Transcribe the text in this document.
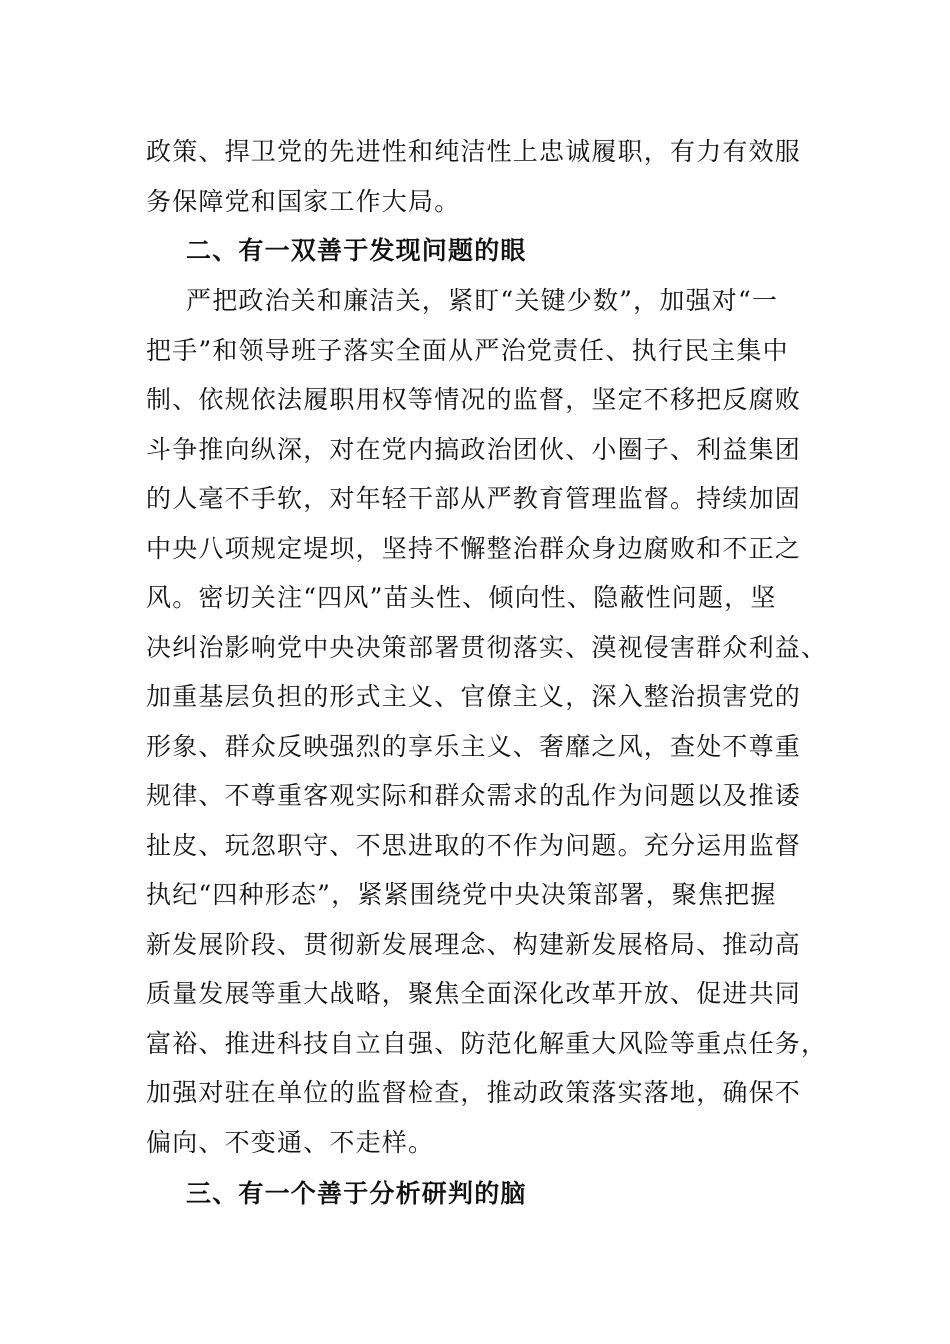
政策、捍卫党的先进性和纯洁性上忠诚履职，有力有效服
务保障党和国家工作大局。
二、有一双善于发现问题的眼
严把政治关和廉洁关，紧盯“关键少数”，加强对“一
把手”和领导班子落实全面从严治党责任、执行民主集中
制、依规依法履职用权等情况的监督，坚定不移把反腐败
斗争推向纵深，对在党内搞政治团伙、小圈子、利益集团
的人毫不手软，对年轻干部从严教育管理监督。持续加固
中央八项规定堤坝，坚持不懈整治群众身边腐败和不正之
风。密切关注“四风”苗头性、倾向性、隐蔽性问题，坚
决纠治影响党中央决策部署贯彻落实、漠视侵害群众利益、
加重基层负担的形式主义、官僚主义，深入整治损害党的
形象、群众反映强烈的享乐主义、奢靡之风，查处不尊重
规律、不尊重客观实际和群众需求的乱作为问题以及推诿
扯皮、玩忽职守、不思进取的不作为问题。充分运用监督
执纪“四种形态”，紧紧围绕党中央决策部署，聚焦把握
新发展阶段、贯彻新发展理念、构建新发展格局、推动高
质量发展等重大战略，聚焦全面深化改革开放、促进共同
富裕、推进科技自立自强、防范化解重大风险等重点任务，
加强对驻在单位的监督检查，推动政策落实落地，确保不
偏向、不变通、不走样。
三、有一个善于分析研判的脑
